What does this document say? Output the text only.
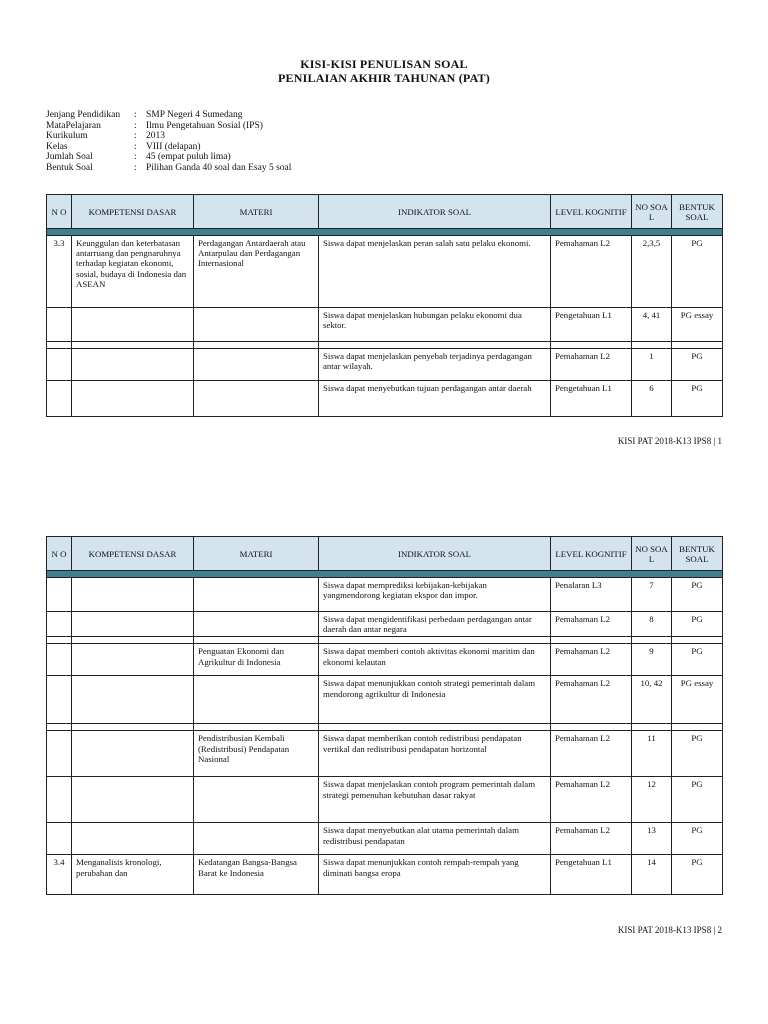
KISI-KISI PENULISAN SOAL
PENILAIAN AKHIR TAHUNAN (PAT)
Jenjang Pendidikan	: SMP Negeri 4 Sumedang
MataPelajaran	: Ilmu Pengetahuan Sosial (IPS)
Kurikulum	: 2013
Kelas	: VIII (delapan)
Jumlah Soal	: 45 (empat puluh lima)
Bentuk Soal	: Pilihan Ganda 40 soal dan Esay 5 soal
N O	KOMPETENSI DASAR	MATERI	INDIKATOR SOAL	LEVEL KOGNITIF	NO SOA L	BENTUK SOAL

3.3	Keunggulan dan keterbatasan antarruang dan pengnaruhnya terhadap kegiatan ekonomi, sosial, budaya di Indonesia dan ASEAN	Perdagangan Antardaerah atau Antarpulau dan Perdagangan Internasional	Siswa dapat menjelaskan peran salah satu pelaku ekonomi.	Pemahaman L2	2,3,5	PG
			Siswa dapat menjelaskan hubungan pelaku ekonomi dua sektor.	Pengetahuan L1	4, 41	PG essay

			Siswa dapat menjelaskan penyebab terjadinya perdagangan antar wilayah.	Pemahaman L2	1	PG
			Siswa dapat menyebutkan tujuan perdagangan antar daerah	Pengetahuan L1	6	PG
KISI PAT 2018-K13 IPS8 | 1
N O	KOMPETENSI DASAR	MATERI	INDIKATOR SOAL	LEVEL KOGNITIF	NO SOA L	BENTUK SOAL

			Siswa dapat memprediksi kebijakan-kebijakan yangmendorong kegiatan ekspor dan impor.	Penalaran L3	7	PG
			Siswa dapat mengidentifikasi perbedaan perdagangan antar daerah dan antar negara	Pemahaman L2	8	PG

		Penguatan Ekonomi dan Agrikultur di Indonesia	Siswa dapat memberi contoh aktivitas ekonomi maritim dan ekonomi kelautan	Pemahaman L2	9	PG
			Siswa dapat menunjukkan contoh strategi pemerintah dalam mendorong agrikultur di Indonesia	Pemahaman L2	10, 42	PG essay

		Pendistribusian Kembali (Redistribusi) Pendapatan Nasional	Siswa dapat memberikan contoh redistribusi pendapatan vertikal dan redistribusi pendapatan horizontal	Pemahaman L2	11	PG
			Siswa dapat menjelaskan contoh program pemerintah dalam strategi pemenuhan kebutuhan dasar rakyat	Pemahaman L2	12	PG
			Siswa dapat menyebutkan alat utama pemerintah dalam redistribusi pendapatan	Pemahaman L2	13	PG
3.4	Menganalisis kronologi, perubahan dan	Kedatangan Bangsa-Bangsa Barat ke Indonesia	Siswa dapat menunjukkan contoh rempah-rempah yang diminati bangsa eropa	Pengetahuan L1	14	PG
KISI PAT 2018-K13 IPS8 | 2
